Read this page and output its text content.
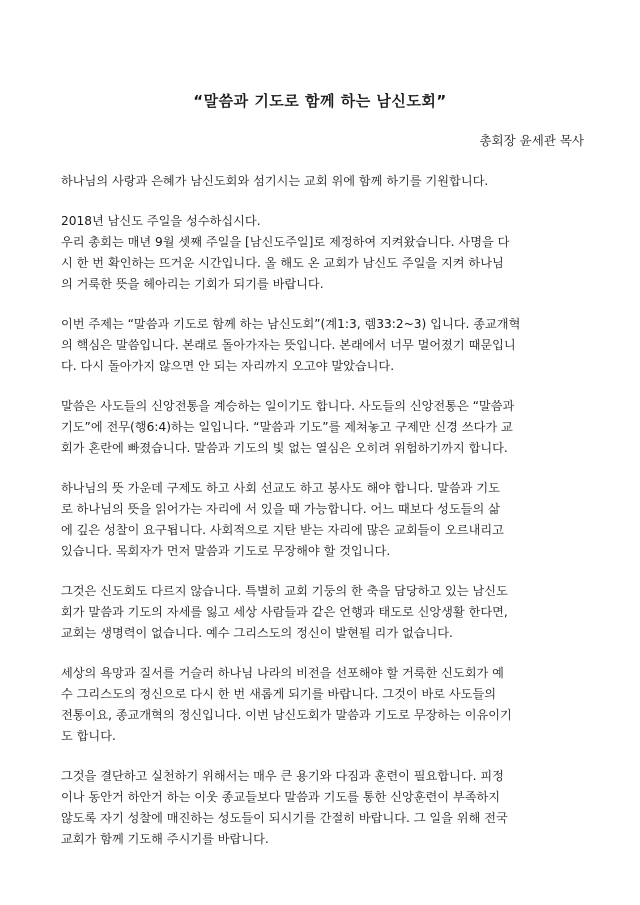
“말씀과 기도로 함께 하는 남신도회”
총회장 윤세관 목사
하나님의 사랑과 은혜가 남신도회와 섬기시는 교회 위에 함께 하기를 기원합니다.
2018년 남신도 주일을 성수하십시다.
우리 총회는 매년 9월 셋째 주일을 [남신도주일]로 제정하여 지켜왔습니다. 사명을 다
시 한 번 확인하는 뜨거운 시간입니다. 올 해도 온 교회가 남신도 주일을 지켜 하나님
의 거룩한 뜻을 헤아리는 기회가 되기를 바랍니다.
이번 주제는 “말씀과 기도로 함께 하는 남신도회”(계1:3, 렘33:2~3) 입니다. 종교개혁
의 핵심은 말씀입니다. 본래로 돌아가자는 뜻입니다. 본래에서 너무 멀어졌기 때문입니
다. 다시 돌아가지 않으면 안 되는 자리까지 오고야 말았습니다.
말씀은 사도들의 신앙전통을 계승하는 일이기도 합니다. 사도들의 신앙전통은 “말씀과
기도”에 전무(행6:4)하는 일입니다. “말씀과 기도”를 제쳐놓고 구제만 신경 쓰다가 교
회가 혼란에 빠졌습니다. 말씀과 기도의 빛 없는 열심은 오히려 위험하기까지 합니다.
하나님의 뜻 가운데 구제도 하고 사회 선교도 하고 봉사도 해야 합니다. 말씀과 기도
로 하나님의 뜻을 읽어가는 자리에 서 있을 때 가능합니다. 어느 때보다 성도들의 삶
에 깊은 성찰이 요구됩니다. 사회적으로 지탄 받는 자리에 많은 교회들이 오르내리고
있습니다. 목회자가 먼저 말씀과 기도로 무장해야 할 것입니다.
그것은 신도회도 다르지 않습니다. 특별히 교회 기둥의 한 축을 담당하고 있는 남신도
회가 말씀과 기도의 자세를 잃고 세상 사람들과 같은 언행과 태도로 신앙생활 한다면,
교회는 생명력이 없습니다. 예수 그리스도의 정신이 발현될 리가 없습니다.
세상의 욕망과 질서를 거슬러 하나님 나라의 비전을 선포해야 할 거룩한 신도회가 예
수 그리스도의 정신으로 다시 한 번 새롭게 되기를 바랍니다. 그것이 바로 사도들의
전통이요, 종교개혁의 정신입니다. 이번 남신도회가 말씀과 기도로 무장하는 이유이기
도 합니다.
그것을 결단하고 실천하기 위해서는 매우 큰 용기와 다짐과 훈련이 필요합니다. 피정
이나 동안거 하안거 하는 이웃 종교들보다 말씀과 기도를 통한 신앙훈련이 부족하지
않도록 자기 성찰에 매진하는 성도들이 되시기를 간절히 바랍니다. 그 일을 위해 전국
교회가 함께 기도해 주시기를 바랍니다.
